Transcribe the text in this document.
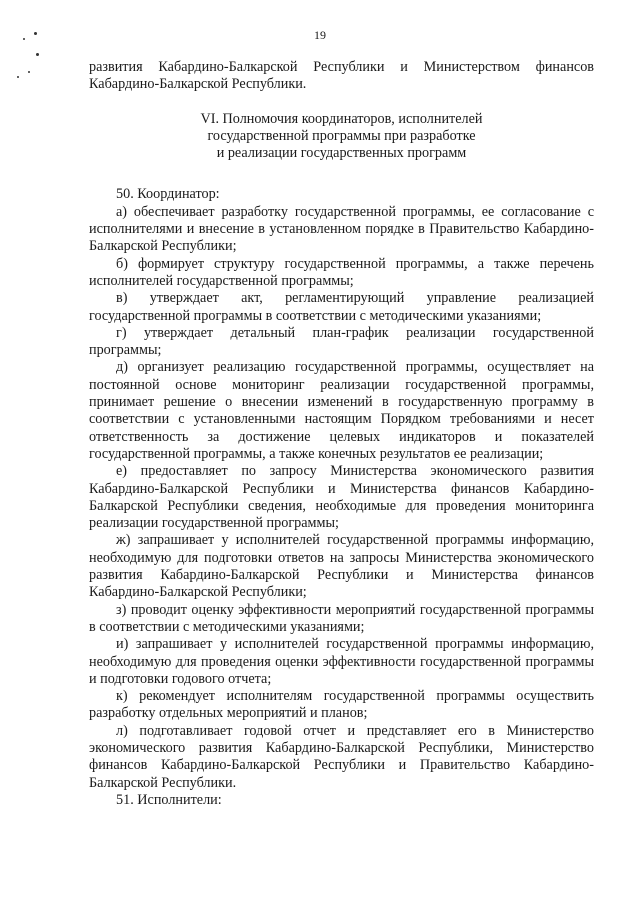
19

развития Кабардино-Балкарской Республики и Министерством финансов Кабардино-Балкарской Республики.

VI. Полномочия координаторов, исполнителей
государственной программы при разработке
и реализации государственных программ

50. Координатор:

а) обеспечивает разработку государственной программы, ее согласование с исполнителями и внесение в установленном порядке в Правительство Кабардино-Балкарской Республики;

б) формирует структуру государственной программы, а также перечень исполнителей государственной программы;

в) утверждает акт, регламентирующий управление реализацией государственной программы в соответствии с методическими указаниями;

г) утверждает детальный план-график реализации государственной программы;

д) организует реализацию государственной программы, осуществляет на постоянной основе мониторинг реализации государственной программы, принимает решение о внесении изменений в государственную программу в соответствии с установленными настоящим Порядком требованиями и несет ответственность за достижение целевых индикаторов и показателей государственной программы, а также конечных результатов ее реализации;

е) предоставляет по запросу Министерства экономического развития Кабардино-Балкарской Республики и Министерства финансов Кабардино-Балкарской Республики сведения, необходимые для проведения мониторинга реализации государственной программы;

ж) запрашивает у исполнителей государственной программы информацию, необходимую для подготовки ответов на запросы Министерства экономического развития Кабардино-Балкарской Республики и Министерства финансов Кабардино-Балкарской Республики;

з) проводит оценку эффективности мероприятий государственной программы в соответствии с методическими указаниями;

и) запрашивает у исполнителей государственной программы информацию, необходимую для проведения оценки эффективности государственной программы и подготовки годового отчета;

к) рекомендует исполнителям государственной программы осуществить разработку отдельных мероприятий и планов;

л) подготавливает годовой отчет и представляет его в Министерство экономического развития Кабардино-Балкарской Республики, Министерство финансов Кабардино-Балкарской Республики и Правительство Кабардино-Балкарской Республики.

51. Исполнители:
